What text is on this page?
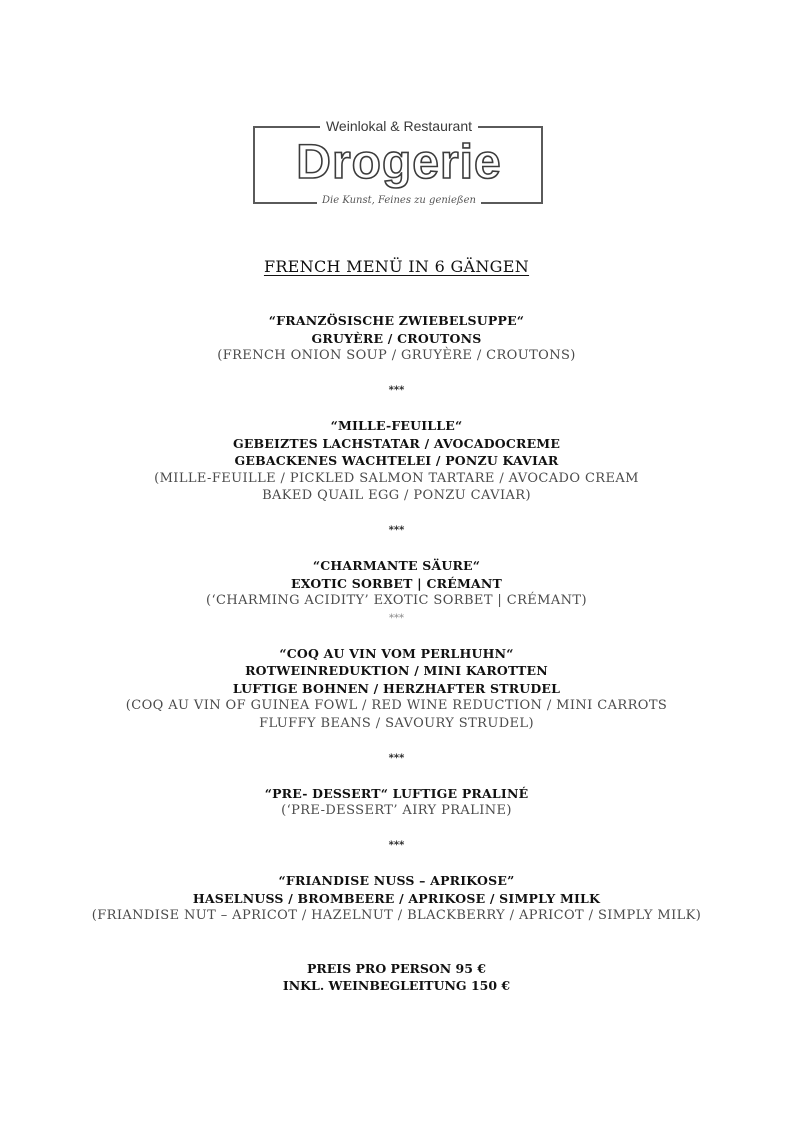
Weinlokal & Restaurant
Drogerie
Die Kunst, Feines zu genießen
FRENCH MENÜ IN 6 GÄNGEN
“FRANZÖSISCHE ZWIEBELSUPPE“
GRUYÈRE / CROUTONS
(FRENCH ONION SOUP / GRUYÈRE / CROUTONS)
***
“MILLE-FEUILLE“
GEBEIZTES LACHSTATAR / AVOCADOCREME
GEBACKENES WACHTELEI / PONZU KAVIAR
(MILLE-FEUILLE / PICKLED SALMON TARTARE / AVOCADO CREAM
BAKED QUAIL EGG / PONZU CAVIAR)
***
“CHARMANTE SÄURE“
EXOTIC SORBET | CRÉMANT
(‘CHARMING ACIDITY’ EXOTIC SORBET | CRÉMANT)
***
“COQ AU VIN VOM PERLHUHN“
ROTWEINREDUKTION / MINI KAROTTEN
LUFTIGE BOHNEN / HERZHAFTER STRUDEL
(COQ AU VIN OF GUINEA FOWL / RED WINE REDUCTION / MINI CARROTS
FLUFFY BEANS / SAVOURY STRUDEL)
***
“PRE- DESSERT“ LUFTIGE PRALINÉ
(‘PRE-DESSERT’ AIRY PRALINE)
***
“FRIANDISE NUSS – APRIKOSE”
HASELNUSS / BROMBEERE / APRIKOSE / SIMPLY MILK
(FRIANDISE NUT – APRICOT / HAZELNUT / BLACKBERRY / APRICOT / SIMPLY MILK)
PREIS PRO PERSON 95 €
INKL. WEINBEGLEITUNG 150 €
